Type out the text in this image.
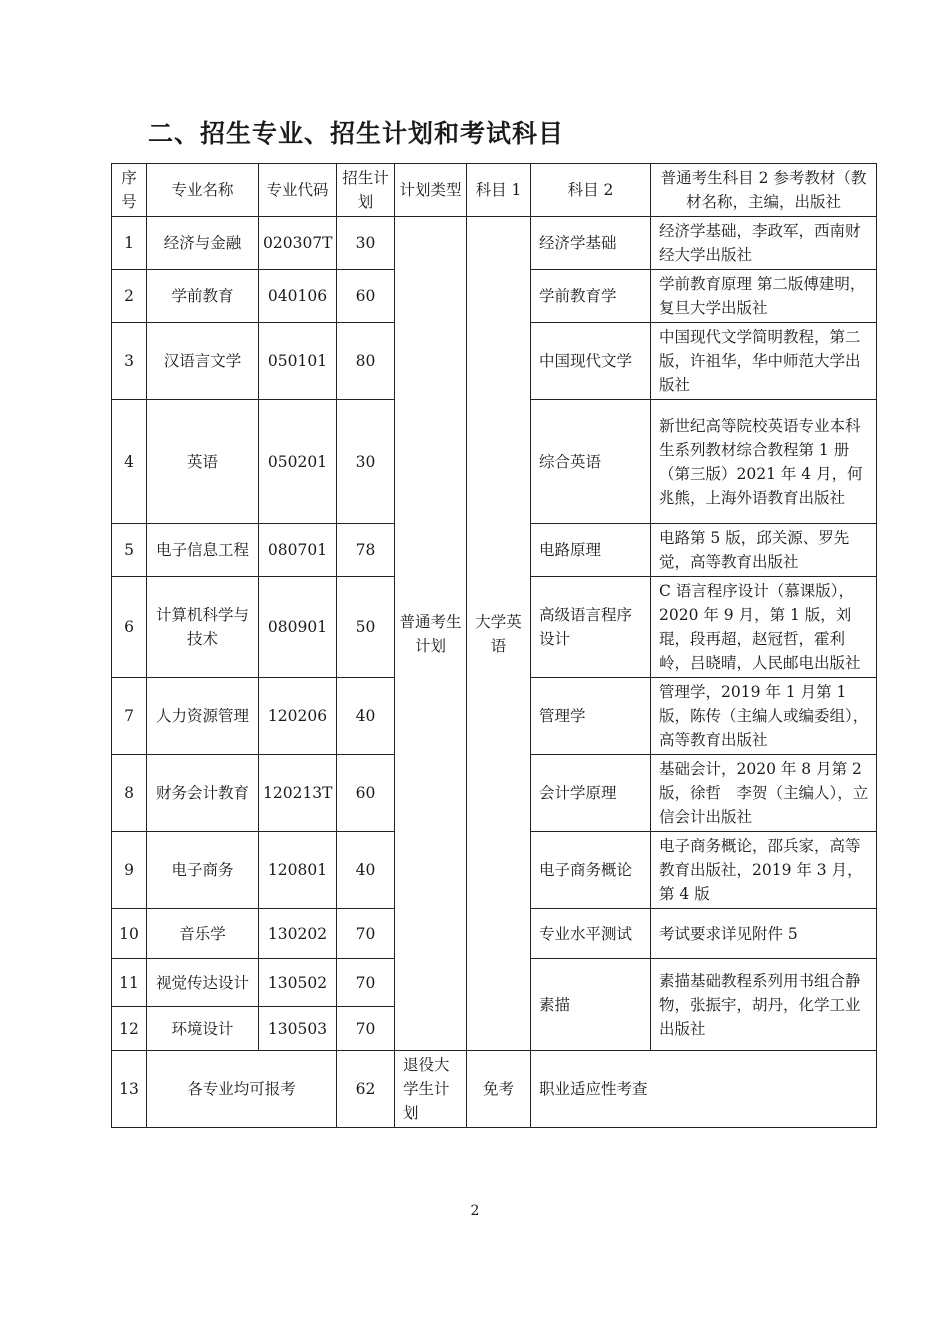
二、招生专业、招生计划和考试科目
序号	专业名称	专业代码	招生计划	计划类型	科目 1	科目 2	普通考生科目 2 参考教材（教材名称，主编，出版社
1	经济与金融	020307T	30	普通考生计划	大学英语	经济学基础	经济学基础，李政军，西南财经大学出版社
2	学前教育	040106	60			学前教育学	学前教育原理 第二版傅建明，复旦大学出版社
3	汉语言文学	050101	80			中国现代文学	中国现代文学简明教程，第二版，许祖华，华中师范大学出版社
4	英语	050201	30			综合英语	新世纪高等院校英语专业本科生系列教材综合教程第 1 册（第三版）2021 年 4 月，何兆熊，上海外语教育出版社
5	电子信息工程	080701	78			电路原理	电路第 5 版，邱关源、罗先觉，高等教育出版社
6	计算机科学与技术	080901	50			高级语言程序设计	C 语言程序设计（慕课版），2020 年 9 月，第 1 版，刘琨，段再超，赵冠哲，霍利岭，吕晓晴，人民邮电出版社
7	人力资源管理	120206	40			管理学	管理学，2019 年 1 月第 1 版，陈传（主编人或编委组），高等教育出版社
8	财务会计教育	120213T	60			会计学原理	基础会计，2020 年 8 月第 2 版，徐哲　李贺（主编人），立信会计出版社
9	电子商务	120801	40			电子商务概论	电子商务概论，邵兵家，高等教育出版社，2019 年 3 月，第 4 版
10	音乐学	130202	70			专业水平测试	考试要求详见附件 5
11	视觉传达设计	130502	70			素描	素描基础教程系列用书组合静物，张振宇，胡丹，化学工业出版社
12	环境设计	130503	70				
13	各专业均可报考		62	退役大学生计划	免考	职业适应性考查	
2
